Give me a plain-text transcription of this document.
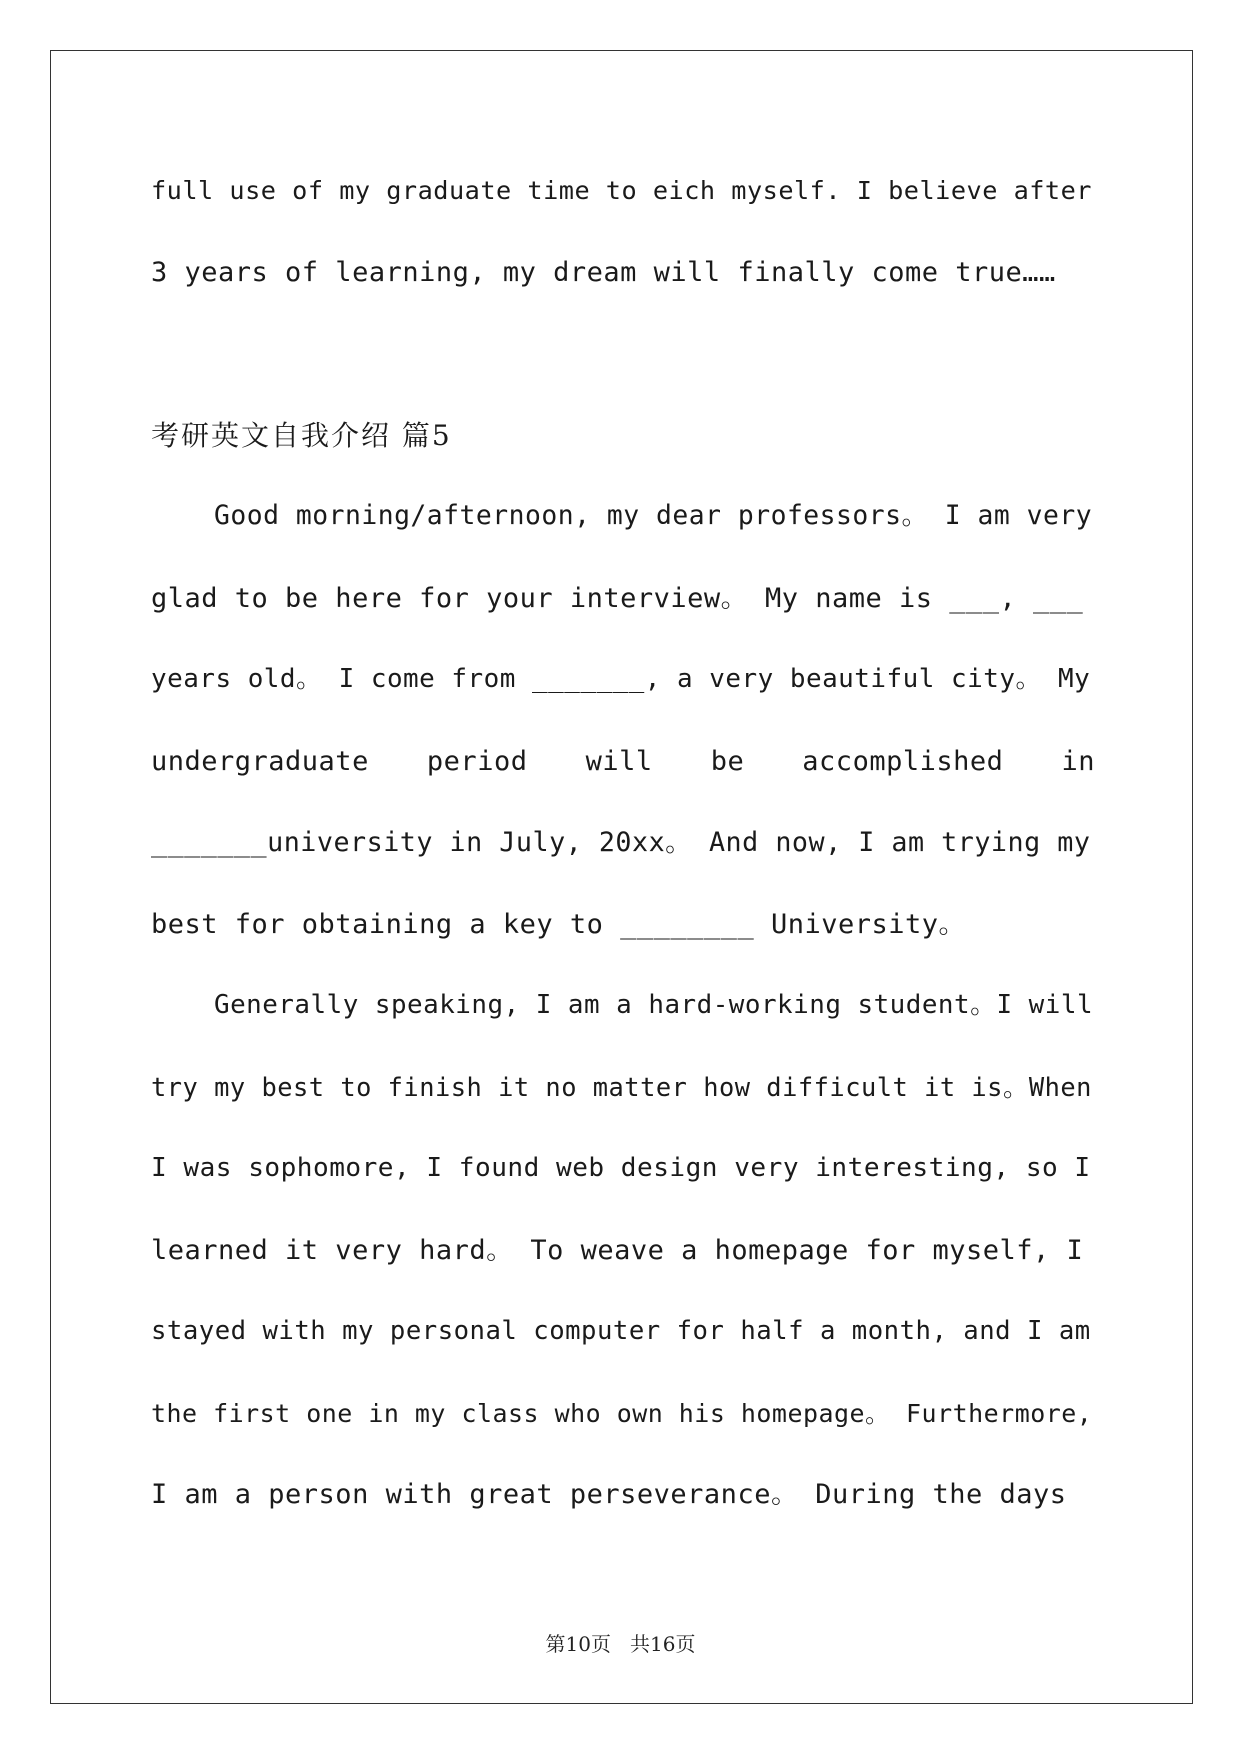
full use of my graduate time to eich myself. I believe after
3 years of learning, my dream will finally come true……
考研英文自我介绍 篇5
Good morning/afternoon, my dear professors。 I am very
glad to be here for your interview。 My name is ___, ___
years old。 I come from _______, a very beautiful city。 My
undergraduate period will be accomplished in
_______university in July, 20xx。 And now, I am trying my
best for obtaining a key to ________ University。
Generally speaking, I am a hard-working student。I will
try my best to finish it no matter how difficult it is。When
I was sophomore, I found web design very interesting, so I
learned it very hard。 To weave a homepage for myself, I
stayed with my personal computer for half a month, and I am
the first one in my class who own his homepage。 Furthermore,
I am a person with great perseverance。 During the days
第10页 共16页
